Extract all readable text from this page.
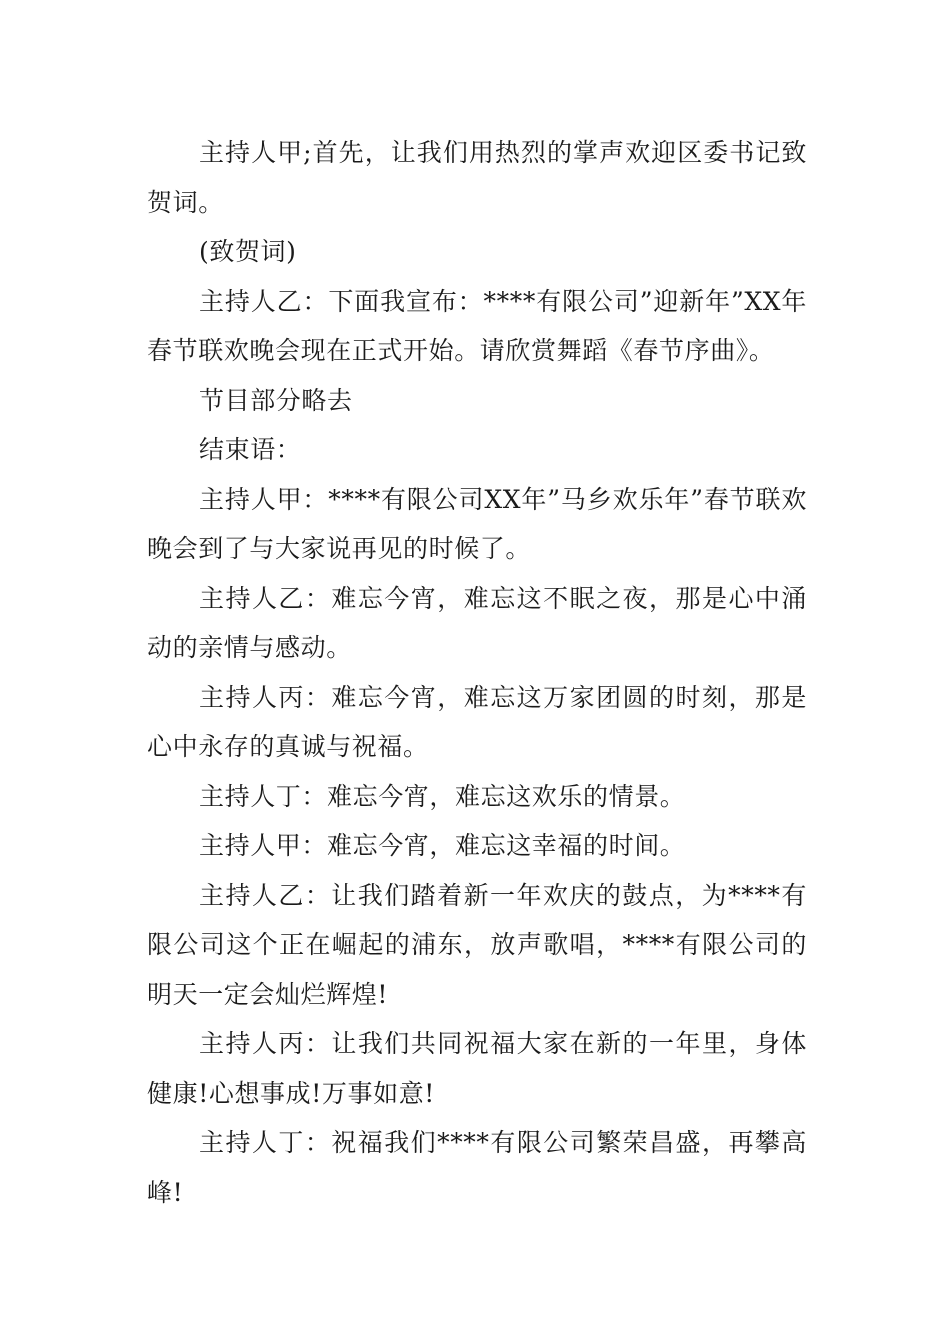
主持人甲;首先，让我们用热烈的掌声欢迎区委书记致贺词。

(致贺词)

主持人乙：下面我宣布：****有限公司”迎新年”XX年春节联欢晚会现在正式开始。请欣赏舞蹈《春节序曲》。

节目部分略去

结束语：

主持人甲：****有限公司XX年”马乡欢乐年”春节联欢晚会到了与大家说再见的时候了。

主持人乙：难忘今宵，难忘这不眠之夜，那是心中涌动的亲情与感动。

主持人丙：难忘今宵，难忘这万家团圆的时刻，那是心中永存的真诚与祝福。

主持人丁：难忘今宵，难忘这欢乐的情景。

主持人甲：难忘今宵，难忘这幸福的时间。

主持人乙：让我们踏着新一年欢庆的鼓点，为****有限公司这个正在崛起的浦东，放声歌唱，****有限公司的明天一定会灿烂辉煌!

主持人丙：让我们共同祝福大家在新的一年里，身体健康!心想事成!万事如意!

主持人丁：祝福我们****有限公司繁荣昌盛，再攀高峰!
